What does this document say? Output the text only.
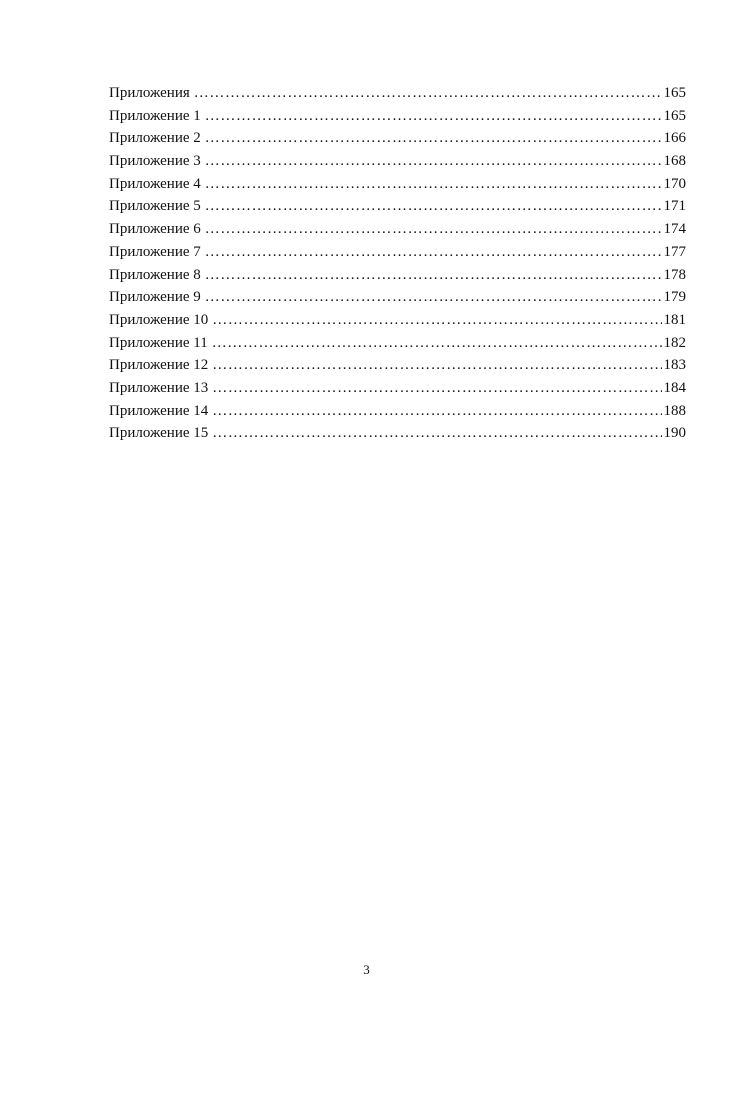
Приложения ……………………………………………………………………………………………………………………………………………………………………………………………………	165
Приложение 1 ……………………………………………………………………………………………………………………………………………………………………………………………………	165
Приложение 2 ……………………………………………………………………………………………………………………………………………………………………………………………………	166
Приложение 3 ……………………………………………………………………………………………………………………………………………………………………………………………………	168
Приложение 4 ……………………………………………………………………………………………………………………………………………………………………………………………………	170
Приложение 5 ……………………………………………………………………………………………………………………………………………………………………………………………………	171
Приложение 6 ……………………………………………………………………………………………………………………………………………………………………………………………………	174
Приложение 7 ……………………………………………………………………………………………………………………………………………………………………………………………………	177
Приложение 8 ……………………………………………………………………………………………………………………………………………………………………………………………………	178
Приложение 9 ……………………………………………………………………………………………………………………………………………………………………………………………………	179
Приложение 10 ……………………………………………………………………………………………………………………………………………………………………………………………………	181
Приложение 11 ……………………………………………………………………………………………………………………………………………………………………………………………………	182
Приложение 12 ……………………………………………………………………………………………………………………………………………………………………………………………………	183
Приложение 13 ……………………………………………………………………………………………………………………………………………………………………………………………………	184
Приложение 14 ……………………………………………………………………………………………………………………………………………………………………………………………………	188
Приложение 15 ……………………………………………………………………………………………………………………………………………………………………………………………………	190
3
